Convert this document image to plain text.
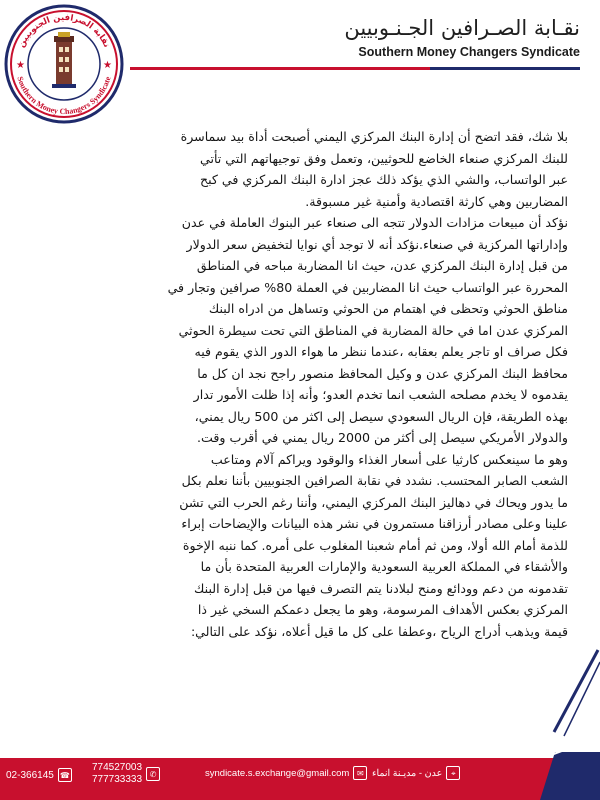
نقابة الصرافين الجنوبيين
Southern Money Changers Syndicate
★	★
نقـابة الصـرافين الجـنـوبيين
Southern Money Changers Syndicate

بلا شك، فقد اتضح أن إدارة البنك المركزي اليمني أصبحت أداة بيد سماسرة

للبنك المركزي صنعاء الخاضع للحوثيين، وتعمل وفق توجيهاتهم التي تأتي

عبر الواتساب، والشي الذي يؤكد ذلك عجز ادارة البنك المركزي في كبح

المضاربين وهي كارثة اقتصادية وأمنية غير مسبوقة.

نؤكد أن مبيعات مزادات الدولار تتجه الى صنعاء عبر البنوك العاملة في عدن

وإداراتها المركزية في صنعاء.نؤكد أنه لا توجد أي نوايا لتخفيض سعر الدولار

من قبل إدارة البنك المركزي عدن، حيث انا المضاربة مباحه في المناطق

المحررة عبر الواتساب حيث انا المضاربين في العملة 80% صرافين وتجار في

مناطق الحوثي وتحظى في اهتمام من الحوثي وتساهل من ادراه البنك

المركزي عدن اما في حالة المضاربة في المناطق التي تحت سيطرة الحوثي

فكل صراف او تاجر يعلم بعقابه ،عندما ننظر ما هواء الدور الذي يقوم فيه

محافظ البنك المركزي عدن و وكيل المحافظ منصور راجح نجد ان كل ما

يقدموه لا يخدم مصلحه الشعب انما تخدم العدو؛ وأنه إذا ظلت الأمور تدار

بهذه الطريقة، فإن الريال السعودي سيصل إلى اكثر من 500 ريال يمني،

والدولار الأمريكي سيصل إلى أكثر من 2000 ريال يمني في أقرب وقت.

وهو ما سينعكس كارثيا على أسعار الغذاء والوقود ويراكم آلام ومتاعب

الشعب الصابر المحتسب. نشدد في نقابة الصرافين الجنوبيين بأننا نعلم بكل

ما يدور ويحاك في دهاليز البنك المركزي اليمني، وأننا رغم الحرب التي تشن

علينا وعلى مصادر أرزاقنا مستمرون في نشر هذه البيانات والإيضاحات إبراء

للذمة أمام الله أولا، ومن ثم أمام شعبنا المغلوب على أمره. كما ننبه الإخوة

والأشقاء في المملكة العربية السعودية والإمارات العربية المتحدة بأن ما

تقدمونه من دعم وودائع ومنح لبلادنا يتم التصرف فيها من قبل إدارة البنك

المركزي بعكس الأهداف المرسومة، وهو ما يجعل دعمكم السخي غير ذا

قيمة ويذهب أدراج الرياح ،وعطفا على كل ما قيل أعلاه، نؤكد على التالي:

02-366145 ☎
774527003
777733333 ✆	syndicate.s.exchange@gmail.com ✉	⌖
عدن - مديـنة انماء
